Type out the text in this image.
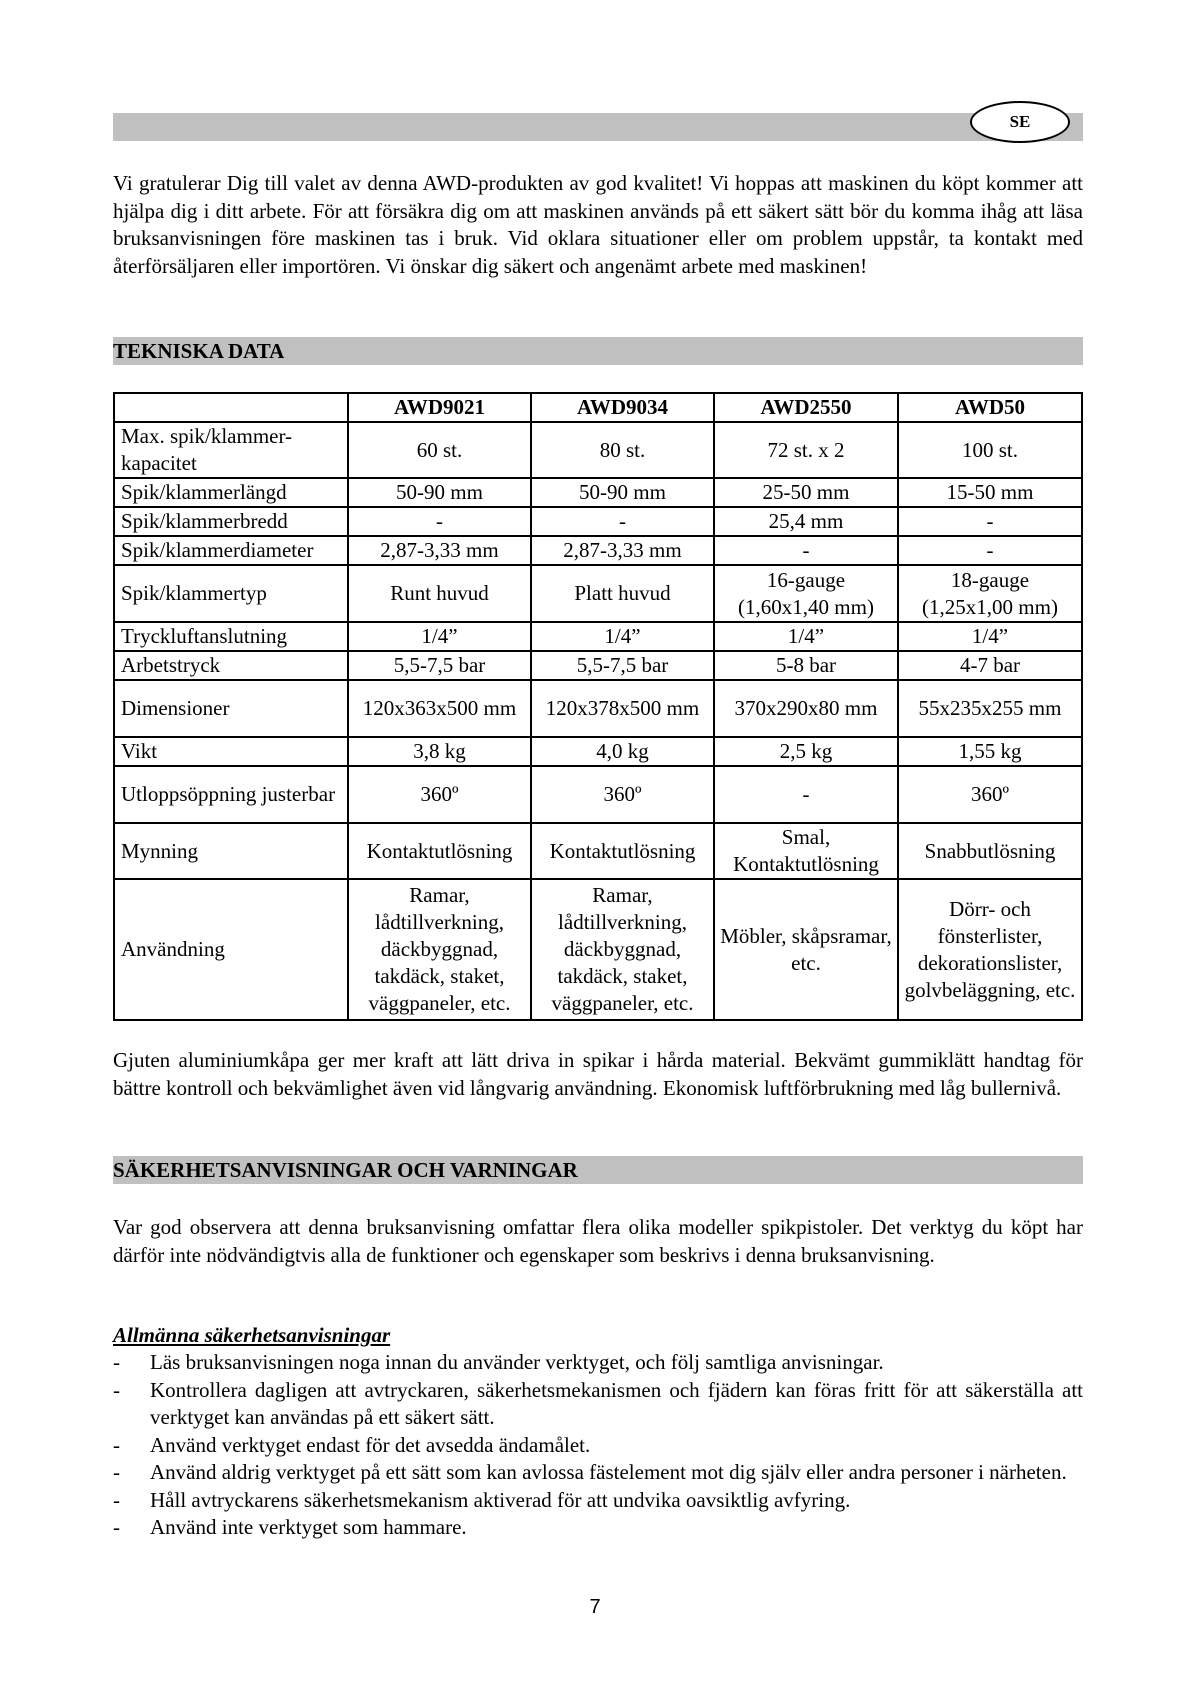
SE

Vi gratulerar Dig till valet av denna AWD-produkten av god kvalitet! Vi hoppas att maskinen du köpt kommer att hjälpa dig i ditt arbete. För att försäkra dig om att maskinen används på ett säkert sätt bör du komma ihåg att läsa bruksanvisningen före maskinen tas i bruk. Vid oklara situationer eller om problem uppstår, ta kontakt med återförsäljaren eller importören. Vi önskar dig säkert och angenämt arbete med maskinen!

TEKNISKA DATA
	AWD9021	AWD9034	AWD2550	AWD50
Max. spik/klammer-kapacitet	60 st.	80 st.	72 st. x 2	100 st.
Spik/klammerlängd	50-90 mm	50-90 mm	25-50 mm	15-50 mm
Spik/klammerbredd	-	-	25,4 mm	-
Spik/klammerdiameter	2,87-3,33 mm	2,87-3,33 mm	-	-
Spik/klammertyp	Runt huvud	Platt huvud	16-gauge (1,60x1,40 mm)	18-gauge (1,25x1,00 mm)
Tryckluftanslutning	1/4”	1/4”	1/4”	1/4”
Arbetstryck	5,5-7,5 bar	5,5-7,5 bar	5-8 bar	4-7 bar
Dimensioner	120x363x500 mm	120x378x500 mm	370x290x80 mm	55x235x255 mm
Vikt	3,8 kg	4,0 kg	2,5 kg	1,55 kg
Utloppsöppning justerbar	360º	360º	-	360º
Mynning	Kontaktutlösning	Kontaktutlösning	Smal, Kontaktutlösning	Snabbutlösning
Användning	Ramar, lådtillverkning, däckbyggnad, takdäck, staket, väggpaneler, etc.	Ramar, lådtillverkning, däckbyggnad, takdäck, staket, väggpaneler, etc.	Möbler, skåpsramar, etc.	Dörr- och fönsterlister, dekorationslister, golvbeläggning, etc.

Gjuten aluminiumkåpa ger mer kraft att lätt driva in spikar i hårda material. Bekvämt gummiklätt handtag för bättre kontroll och bekvämlighet även vid långvarig användning. Ekonomisk luftförbrukning med låg bullernivå.

SÄKERHETSANVISNINGAR OCH VARNINGAR

Var god observera att denna bruksanvisning omfattar flera olika modeller spikpistoler. Det verktyg du köpt har därför inte nödvändigtvis alla de funktioner och egenskaper som beskrivs i denna bruksanvisning.

Allmänna säkerhetsanvisningar
- Läs bruksanvisningen noga innan du använder verktyget, och följ samtliga anvisningar.
- Kontrollera dagligen att avtryckaren, säkerhetsmekanismen och fjädern kan föras fritt för att säkerställa att verktyget kan användas på ett säkert sätt.
- Använd verktyget endast för det avsedda ändamålet.
- Använd aldrig verktyget på ett sätt som kan avlossa fästelement mot dig själv eller andra personer i närheten.
- Håll avtryckarens säkerhetsmekanism aktiverad för att undvika oavsiktlig avfyring.
- Använd inte verktyget som hammare.
7
